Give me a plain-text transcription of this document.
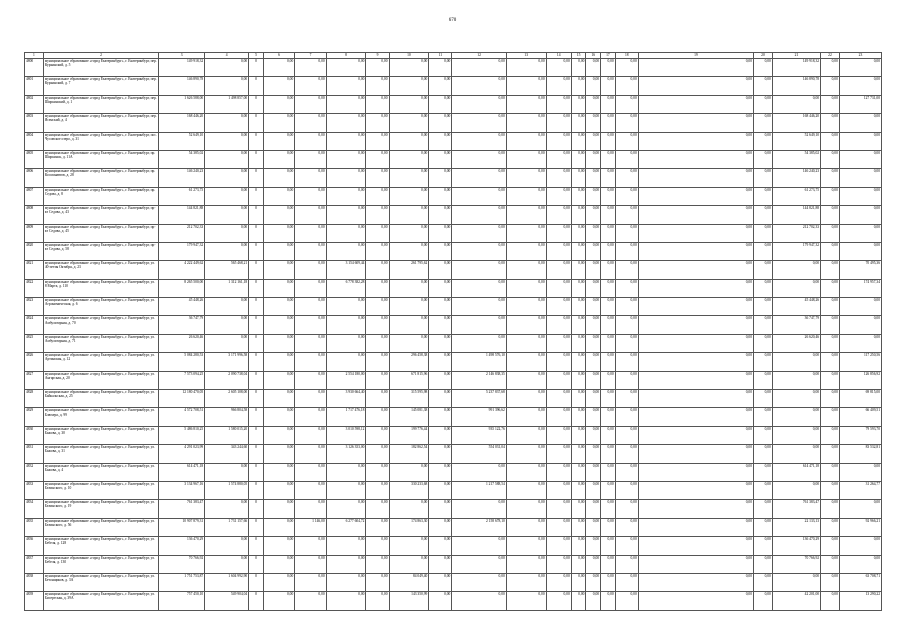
670
1	2	3	4	5	6	7	8	9	10	11	12	13	14	15	16	17	18	19	20	21	22	23
4800	муниципальное образование «город Екатеринбург», г. Екатеринбург, пер. Курьинский, д. 5	149 918,32	0,00	0	0,00	0,00	0,00	0,00	0,00	0,00	0,00	0,00	0,00	0,00	0,00	0,00	0,00	0,00	0,00	149 918,32	0,00	0,00
4801	муниципальное образование «город Екатеринбург», г. Екатеринбург, пер. Курьинский, д. 7	146 890,78	0,00	0	0,00	0,00	0,00	0,00	0,00	0,00	0,00	0,00	0,00	0,00	0,00	0,00	0,00	0,00	0,00	146 890,78	0,00	0,00
4802	муниципальное образование «город Екатеринбург», г. Екатеринбург, пер. Ширкинский, д. 1	1 626 588,00	1 498 857,00	0	0,00	0,00	0,00	0,00	0,00	0,00	0,00	0,00	0,00	0,00	0,00	0,00	0,00	0,00	0,00	0,00	0,00	127 731,00
4803	муниципальное образование «город Екатеринбург», г. Екатеринбург, пер. Ясенский, д. 4	168 446,20	0,00	0	0,00	0,00	0,00	0,00	0,00	0,00	0,00	0,00	0,00	0,00	0,00	0,00	0,00	0,00	0,00	168 446,20	0,00	0,00
4804	муниципальное образование «город Екатеринбург», г. Екатеринбург, пос. Чусовское озеро, д. 31	52 649,10	0,00	0	0,00	0,00	0,00	0,00	0,00	0,00	0,00	0,00	0,00	0,00	0,00	0,00	0,00	0,00	0,00	52 649,10	0,00	0,00
4805	муниципальное образование «город Екатеринбург», г. Екатеринбург, пр. Ширкинск, д. 11А	54 385,02	0,00	0	0,00	0,00	0,00	0,00	0,00	0,00	0,00	0,00	0,00	0,00	0,00	0,00	0,00	0,00	0,00	54 385,02	0,00	0,00
4806	муниципальное образование «город Екатеринбург», г. Екатеринбург, пр. Космонавтов, д. 28	146 240,23	0,00	0	0,00	0,00	0,00	0,00	0,00	0,00	0,00	0,00	0,00	0,00	0,00	0,00	0,00	0,00	0,00	146 240,23	0,00	0,00
4807	муниципальное образование «город Екатеринбург», г. Екатеринбург, пр. Седова, д. 8	61 273,75	0,00	0	0,00	0,00	0,00	0,00	0,00	0,00	0,00	0,00	0,00	0,00	0,00	0,00	0,00	0,00	0,00	61 273,75	0,00	0,00
4808	муниципальное образование «город Екатеринбург», г. Екатеринбург, пр-кт Седова, д. 43	144 821,88	0,00	0	0,00	0,00	0,00	0,00	0,00	0,00	0,00	0,00	0,00	0,00	0,00	0,00	0,00	0,00	0,00	144 821,88	0,00	0,00
4809	муниципальное образование «город Екатеринбург», г. Екатеринбург, пр-кт Седова, д. 45	212 702,33	0,00	0	0,00	0,00	0,00	0,00	0,00	0,00	0,00	0,00	0,00	0,00	0,00	0,00	0,00	0,00	0,00	212 702,33	0,00	0,00
4820	муниципальное образование «город Екатеринбург», г. Екатеринбург, пр-кт Седова, д. 58	179 947,32	0,00	0	0,00	0,00	0,00	0,00	0,00	0,00	0,00	0,00	0,00	0,00	0,00	0,00	0,00	0,00	0,00	179 947,32	0,00	0,00
4821	муниципальное образование «город Екатеринбург», г. Екатеринбург, ул. 40-летия Октября, д. 23	4 222 449,62	565 468,21	0	0,00	0,00	3 154 609,44	0,00	261 795,62	0,00	0,00	0,00	0,00	0,00	0,00	0,00	0,00	0,00	0,00	0,00	0,00	70 495,36
4822	муниципальное образование «город Екатеринбург», г. Екатеринбург, ул. 8 Марта, д. 110	8 265 500,00	1 312 161,18	0	0,00	0,00	6 778 382,28	0,00	0,00	0,00	0,00	0,00	0,00	0,00	0,00	0,00	0,00	0,00	0,00	0,00	0,00	174 957,34
4823	муниципальное образование «город Екатеринбург», г. Екатеринбург, ул. Агрономическая, д. 6	45 448,26	0,00	0	0,00	0,00	0,00	0,00	0,00	0,00	0,00	0,00	0,00	0,00	0,00	0,00	0,00	0,00	0,00	45 448,26	0,00	0,00
4824	муниципальное образование «город Екатеринбург», г. Екатеринбург, ул. Амбулаторная, д. 70	36 747,79	0,00	0	0,00	0,00	0,00	0,00	0,00	0,00	0,00	0,00	0,00	0,00	0,00	0,00	0,00	0,00	0,00	36 747,79	0,00	0,00
4825	муниципальное образование «город Екатеринбург», г. Екатеринбург, ул. Амбулаторная, д. 71	26 620,46	0,00	0	0,00	0,00	0,00	0,00	0,00	0,00	0,00	0,00	0,00	0,00	0,00	0,00	0,00	0,00	0,00	26 620,46	0,00	0,00
4826	муниципальное образование «город Екатеринбург», г. Екатеринбург, ул. Артинская, д. 12	5 084 280,53	3 171 996,58	0	0,00	0,00	0,00	0,00	296 458,38	0,00	1 498 576,10	0,00	0,00	0,00	0,00	0,00	0,00	0,00	0,00	0,00	0,00	117 250,56
4827	муниципальное образование «город Екатеринбург», г. Екатеринбург, ул. Ангарская, д. 20	7 573 094,25	2 090 738,04	0	0,00	0,00	2 554 180,00	0,00	671 815,96	0,00	2 146 838,35	0,00	0,00	0,00	0,00	0,00	0,00	0,00	0,00	0,00	0,00	126 856,92
4828	муниципальное образование «город Екатеринбург», г. Екатеринбург, ул. Байкальская, д. 25	12 180 470,05	2 605 108,00	0	0,00	0,00	3 930 664,40	0,00	315 595,98	0,00	5 237 837,68	0,00	0,00	0,00	0,00	0,00	0,00	0,00	0,00	0,00	0,00	69 815,00
4829	муниципальное образование «город Екатеринбург», г. Екатеринбург, ул. Блюхера, д. 99	4 572 708,51	966 804,58	0	0,00	0,00	1 717 476,18	0,00	145 081,38	0,00	991 396,62	0,00	0,00	0,00	0,00	0,00	0,00	0,00	0,00	0,00	0,00	66 409,51
4830	муниципальное образование «город Екатеринбург», г. Екатеринбург, ул. Бажова, д. 30	5 486 810,25	1 580 015,20	0	0,00	0,00	3 010 598,12	0,00	199 776,44	0,00	935 122,76	0,00	0,00	0,00	0,00	0,00	0,00	0,00	0,00	0,00	0,00	79 593,70
4831	муниципальное образование «город Екатеринбург», г. Екатеринбург, ул. Бажова, д. 31	4 291 023,99	343 244,60	0	0,00	0,00	3 126 353,00	0,00	182 862,54	0,00	554 031,04	0,00	0,00	0,00	0,00	0,00	0,00	0,00	0,00	0,00	0,00	83 532,81
4832	муниципальное образование «город Екатеринбург», г. Екатеринбург, ул. Бажова, д. 4	614 471,18	0,00	0	0,00	0,00	0,00	0,00	0,00	0,00	0,00	0,00	0,00	0,00	0,00	0,00	0,00	0,00	0,00	614 471,18	0,00	0,00
4833	муниципальное образование «город Екатеринбург», г. Екатеринбург, ул. Белинского, д. 10	3 134 967,16	1 574 880,05	0	0,00	0,00	0,00	0,00	330 233,68	0,00	1 217 588,54	0,00	0,00	0,00	0,00	0,00	0,00	0,00	0,00	0,00	0,00	31 264,77
4834	муниципальное образование «город Екатеринбург», г. Екатеринбург, ул. Белинского, д. 19	761 383,47	0,00	0	0,00	0,00	0,00	0,00	0,00	0,00	0,00	0,00	0,00	0,00	0,00	0,00	0,00	0,00	0,00	761 383,47	0,00	0,00
4835	муниципальное образование «город Екатеринбург», г. Екатеринбург, ул. Белинского, д. 56	10 907 879,31	1 731 157,66	0	0,00	1 146,00	6 277 604,72	0,00	174 863,30	0,00	2 158 678,10	0,00	0,00	0,00	0,00	0,00	0,00	0,00	0,00	22 133,13	0,00	92 966,21
4836	муниципальное образование «город Екатеринбург», г. Екатеринбург, ул. Бебеля, д. 128	136 470,29	0,00	0	0,00	0,00	0,00	0,00	0,00	0,00	0,00	0,00	0,00	0,00	0,00	0,00	0,00	0,00	0,00	136 470,29	0,00	0,00
4837	муниципальное образование «город Екатеринбург», г. Екатеринбург, ул. Бебеля, д. 130	70 766,92	0,00	0	0,00	0,00	0,00	0,00	0,00	0,00	0,00	0,00	0,00	0,00	0,00	0,00	0,00	0,00	0,00	70 766,92	0,00	0,00
4838	муниципальное образование «город Екатеринбург», г. Екатеринбург, ул. Бетонщиков, д. 3А	1 751 753,87	1 604 992,90	0	0,00	0,00	0,00	0,00	84 049,40	0,00	0,00	0,00	0,00	0,00	0,00	0,00	0,00	0,00	0,00	0,00	0,00	63 708,71
4839	муниципальное образование «город Екатеринбург», г. Екатеринбург, ул. Бисертская, д. 39А	757 450,10	549 904,04	0	0,00	0,00	0,00	0,00	143 350,99	0,00	0,00	0,00	0,00	0,00	0,00	0,00	0,00	0,00	0,00	42 201,00	0,00	13 290,22
